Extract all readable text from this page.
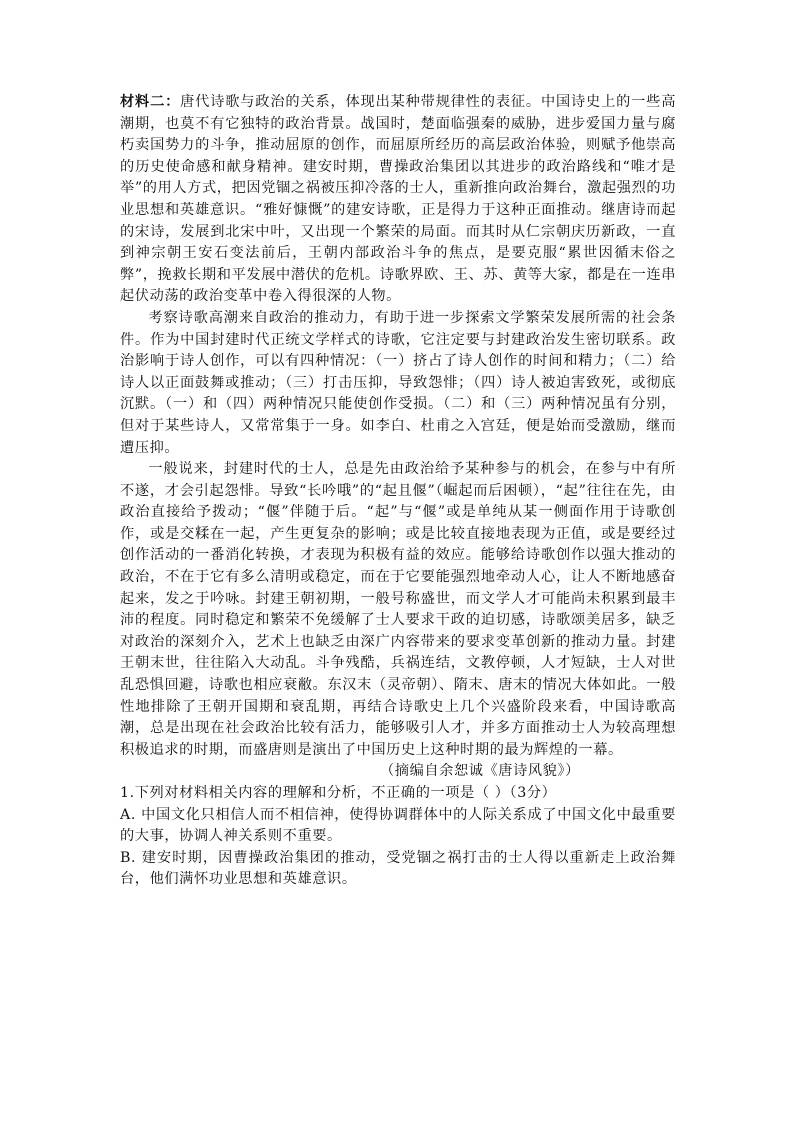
材料二：唐代诗歌与政治的关系，体现出某种带规律性的表征。中国诗史上的一些高潮期，也莫不有它独特的政治背景。战国时，楚面临强秦的威胁，进步爱国力量与腐朽卖国势力的斗争，推动屈原的创作，而屈原所经历的高层政治体验，则赋予他崇高的历史使命感和献身精神。建安时期，曹操政治集团以其进步的政治路线和“唯才是举”的用人方式，把因党锢之祸被压抑冷落的士人，重新推向政治舞台，激起强烈的功业思想和英雄意识。“雅好慷慨”的建安诗歌，正是得力于这种正面推动。继唐诗而起的宋诗，发展到北宋中叶，又出现一个繁荣的局面。而其时从仁宗朝庆历新政，一直到神宗朝王安石变法前后，王朝内部政治斗争的焦点，是要克服“累世因循末俗之弊”，挽救长期和平发展中潜伏的危机。诗歌界欧、王、苏、黄等大家，都是在一连串起伏动荡的政治变革中卷入得很深的人物。

考察诗歌高潮来自政治的推动力，有助于进一步探索文学繁荣发展所需的社会条件。作为中国封建时代正统文学样式的诗歌，它注定要与封建政治发生密切联系。政治影响于诗人创作，可以有四种情况：（一）挤占了诗人创作的时间和精力；（二）给诗人以正面鼓舞或推动；（三）打击压抑，导致怨悱；（四）诗人被迫害致死，或彻底沉默。（一）和（四）两种情况只能使创作受损。（二）和（三）两种情况虽有分别，但对于某些诗人，又常常集于一身。如李白、杜甫之入宫廷，便是始而受激励，继而遭压抑。

一般说来，封建时代的士人，总是先由政治给予某种参与的机会，在参与中有所不遂，才会引起怨悱。导致“长吟哦”的“起且偃”（崛起而后困顿），“起”往往在先，由政治直接给予拨动；“偃”伴随于后。“起”与“偃”或是单纯从某一侧面作用于诗歌创作，或是交糅在一起，产生更复杂的影响；或是比较直接地表现为正值，或是要经过创作活动的一番消化转换，才表现为积极有益的效应。能够给诗歌创作以强大推动的政治，不在于它有多么清明或稳定，而在于它要能强烈地牵动人心，让人不断地感奋起来，发之于吟咏。封建王朝初期，一般号称盛世，而文学人才可能尚未积累到最丰沛的程度。同时稳定和繁荣不免缓解了士人要求干政的迫切感，诗歌颂美居多，缺乏对政治的深刻介入，艺术上也缺乏由深广内容带来的要求变革创新的推动力量。封建王朝末世，往往陷入大动乱。斗争残酷，兵祸连结，文教停顿，人才短缺，士人对世乱恐惧回避，诗歌也相应衰敝。东汉末（灵帝朝）、隋末、唐末的情况大体如此。一般性地排除了王朝开国期和衰乱期，再结合诗歌史上几个兴盛阶段来看，中国诗歌高潮，总是出现在社会政治比较有活力，能够吸引人才，并多方面推动士人为较高理想积极追求的时期，而盛唐则是演出了中国历史上这种时期的最为辉煌的一幕。

（摘编自余恕诚《唐诗风貌》）

1.下列对材料相关内容的理解和分析，不正确的一项是（ ）（3分）

A. 中国文化只相信人而不相信神，使得协调群体中的人际关系成了中国文化中最重要的大事，协调人神关系则不重要。

B. 建安时期，因曹操政治集团的推动，受党锢之祸打击的士人得以重新走上政治舞台，他们满怀功业思想和英雄意识。
